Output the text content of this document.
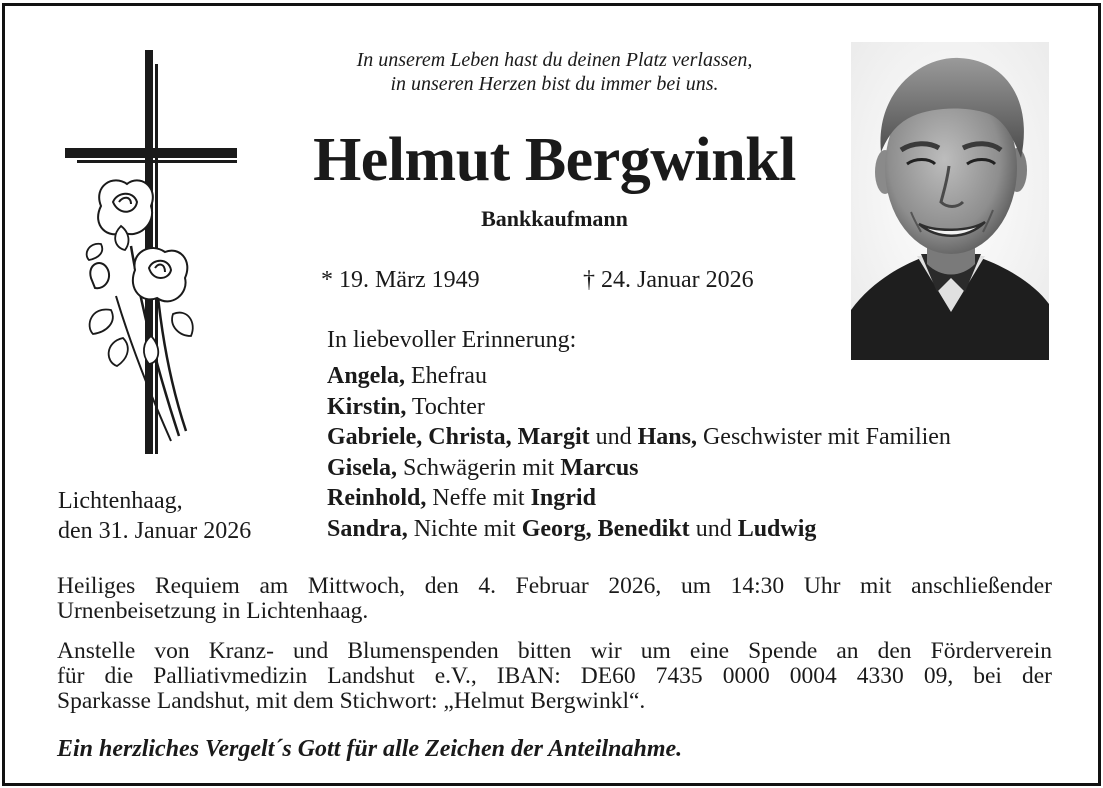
In unserem Leben hast du deinen Platz verlassen,
in unseren Herzen bist du immer bei uns.
Helmut Bergwinkl
Bankkaufmann
* 19. März 1949	† 24. Januar 2026
In liebevoller Erinnerung:
Angela, Ehefrau
Kirstin, Tochter
Gabriele, Christa, Margit und Hans, Geschwister mit Familien
Gisela, Schwägerin mit Marcus
Reinhold, Neffe mit Ingrid
Sandra, Nichte mit Georg, Benedikt und Ludwig
Lichtenhaag,
den 31. Januar 2026
Heiliges Requiem am Mittwoch, den 4. Februar 2026, um 14:30 Uhr mit anschließender
Urnenbeisetzung in Lichtenhaag.
Anstelle von Kranz- und Blumenspenden bitten wir um eine Spende an den Förderverein
für die Palliativmedizin Landshut e.V., IBAN: DE60 7435 0000 0004 4330 09, bei der
Sparkasse Landshut, mit dem Stichwort: „Helmut Bergwinkl“.
Ein herzliches Vergelt´s Gott für alle Zeichen der Anteilnahme.
